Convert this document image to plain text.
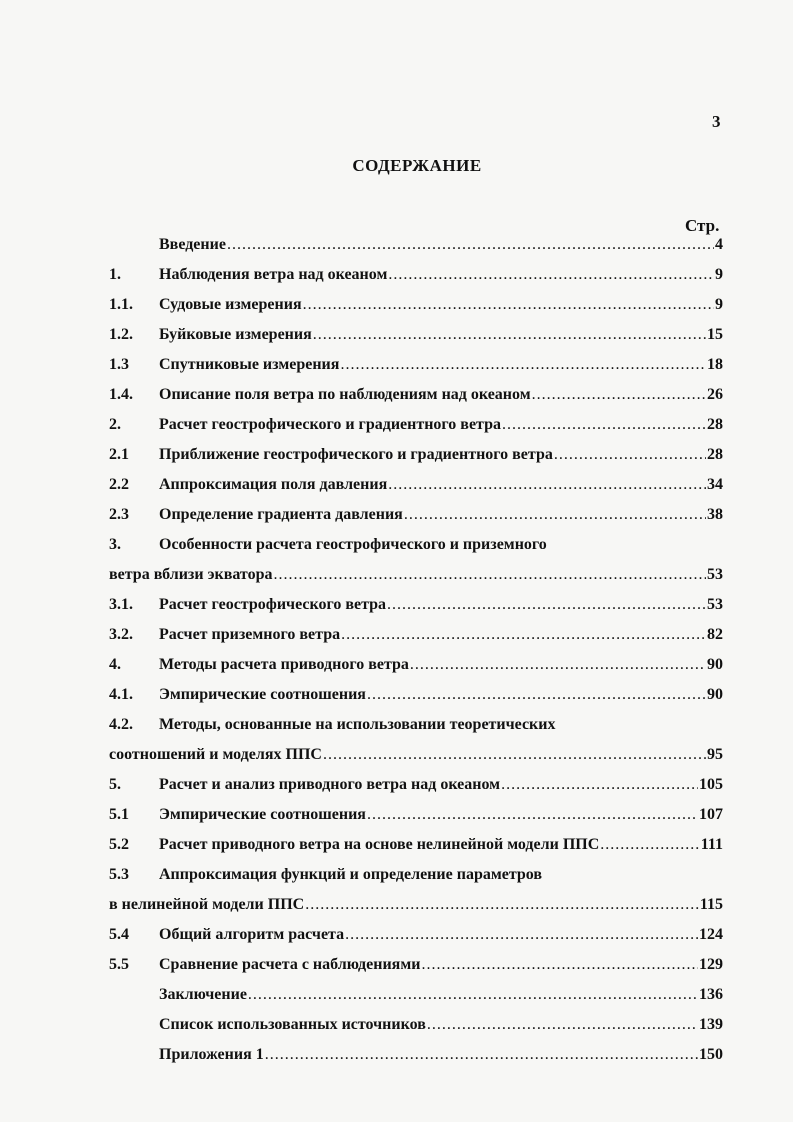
3
СОДЕРЖАНИЕ
Стр.
Введение .....	4
1. Наблюдения ветра над океаном .....	9
1.1. Судовые измерения .....	9
1.2. Буйковые измерения .....	15
1.3 Спутниковые измерения .....	18
1.4. Описание поля ветра по наблюдениям над океаном .....	26
2. Расчет геострофического и градиентного ветра .....	28
2.1 Приближение геострофического и градиентного ветра .....	28
2.2 Аппроксимация поля давления .....	34
2.3 Определение градиента давления .....	38
3. Особенности расчета геострофического и приземного
ветра вблизи экватора .....	53
3.1. Расчет геострофического ветра .....	53
3.2. Расчет приземного ветра .....	82
4. Методы расчета приводного ветра .....	90
4.1. Эмпирические соотношения .....	90
4.2. Методы, основанные на использовании теоретических
соотношений и моделях ППС .....	95
5. Расчет и анализ приводного ветра над океаном .....	105
5.1 Эмпирические соотношения .....	107
5.2 Расчет приводного ветра на основе нелинейной модели ППС .....	111
5.3 Аппроксимация функций и определение параметров
в нелинейной модели ППС .....	115
5.4 Общий алгоритм расчета .....	124
5.5 Сравнение расчета с наблюдениями .....	129
Заключение .....	136
Список использованных источников .....	139
Приложения 1 .....	150
